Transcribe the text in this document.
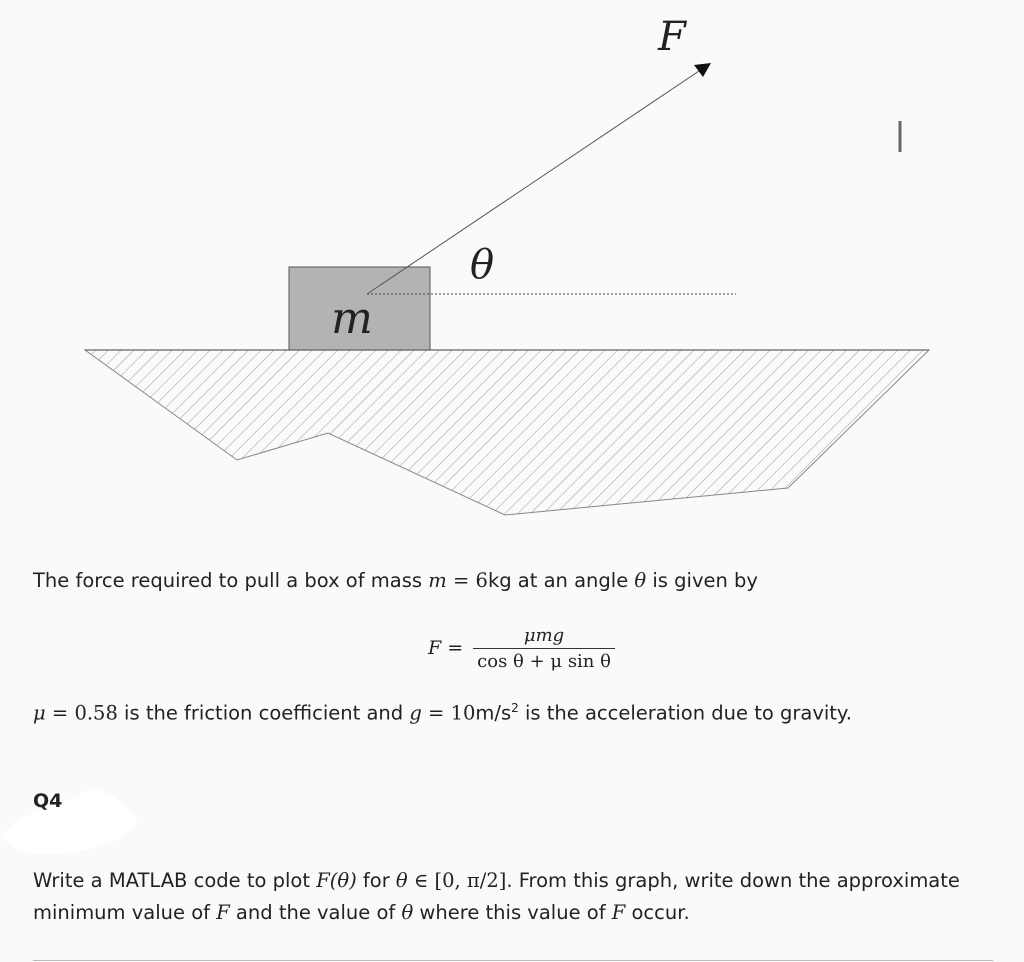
F
θ
m
The force required to pull a box of mass m = 6kg at an angle θ is given by
$F = \frac{\text{μmg}}{\text{cos θ + μ sin θ}}$
μ = 0.58 is the friction coefficient and $g = 10m/s^2$ is the acceleration due to gravity.
Q4
Write a MATLAB code to plot F(θ) for θ ∈ [0, π/2]. From this graph, write down the approximate minimum value of F and the value of θ where this value of F occur.
